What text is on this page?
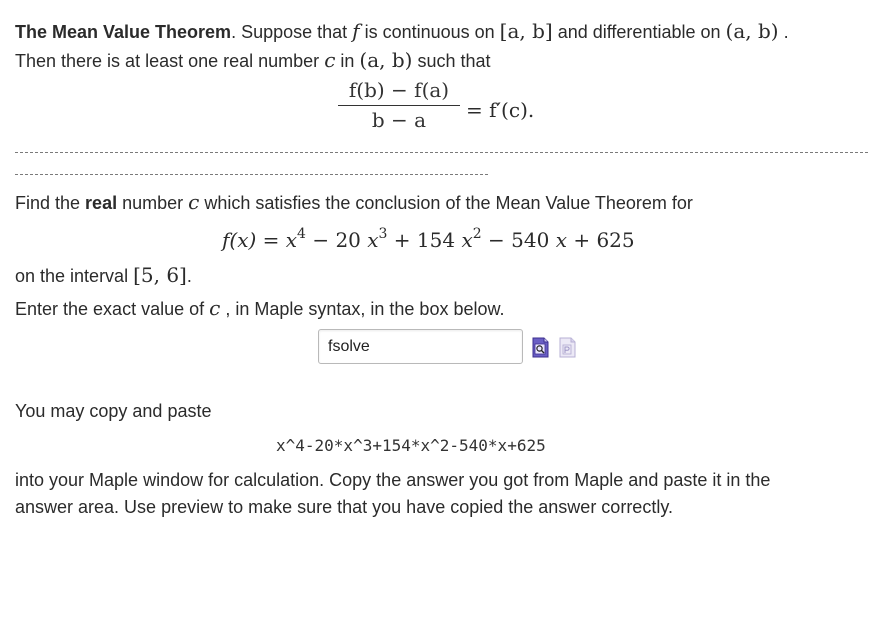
The Mean Value Theorem. Suppose that f is continuous on [a, b] and differentiable on (a, b) .
Then there is at least one real number c in (a, b) such that
f(b) − f(a)
b − a	= f′(c).
Find the real number c which satisfies the conclusion of the Mean Value Theorem for
$f(x) = x^4 - 20$ $x^3 + 154$ $x^2 - 540$ x + 625
on the interval [5, 6].
Enter the exact value of c , in Maple syntax, in the box below.
fsolve
You may copy and paste
x^4-20*x^3+154*x^2-540*x+625
into your Maple window for calculation. Copy the answer you got from Maple and paste it in the
answer area. Use preview to make sure that you have copied the answer correctly.
